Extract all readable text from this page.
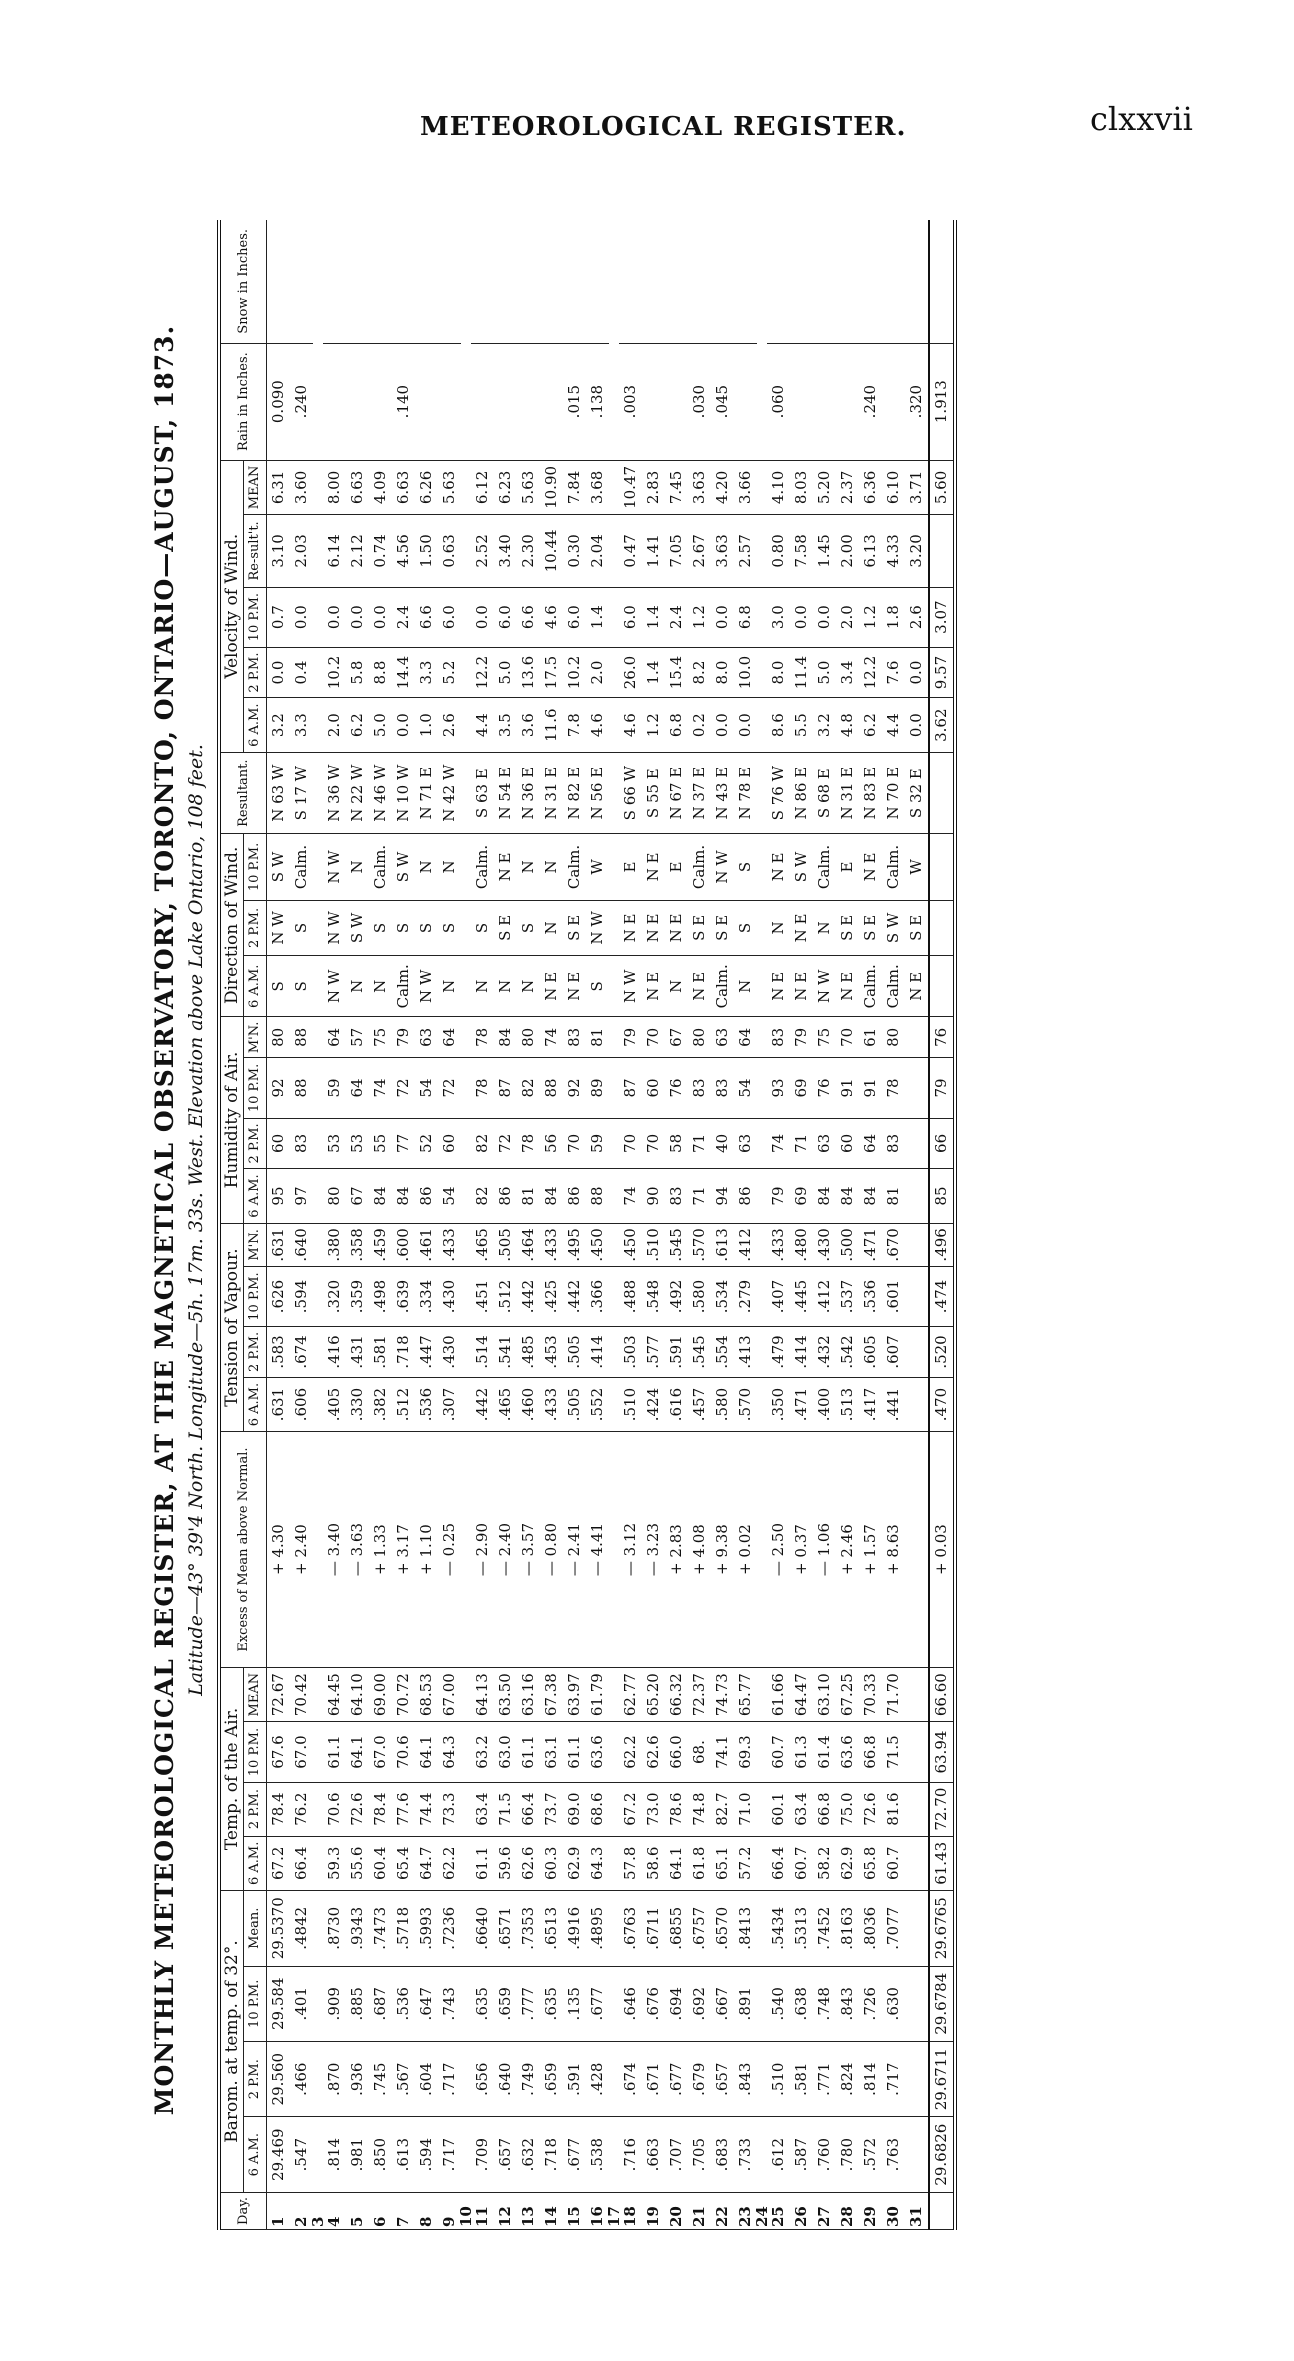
METEOROLOGICAL REGISTER.	clxxvii
MONTHLY METEOROLOGICAL REGISTER, AT THE MAGNETICAL OBSERVATORY, TORONTO, ONTARIO—AUGUST, 1873. Latitude—43° 39'4 North. Longitude—5h. 17m. 33s. West. Elevation above Lake Ontario, 108 feet.
Day.	Barom. at temp. of 32°.				Temp. of the Air.				Excess of Mean above Normal.	Tension of Vapour.				Humidity of Air.				Direction of Wind.			Resultant.	Velocity of Wind.					Rain in Inches.	Snow in Inches.
	6 A.M.	2 P.M.	10 P.M.	Mean.	6 A.M.	2 P.M.	10 P.M.	MEAN		6 A.M.	2 P.M.	10 P.M.	M'N.	6 A.M.	2 P.M.	10 P.M.	M'N.	6 A.M.	2 P.M.	10 P.M.		6 A.M.	2 P.M.	10 P.M.	Re-sult't.	MEAN		
1	29.469	29.560	29.584	29.5370	67.2	78.4	67.6	72.67	+ 4.30	.631	.583	.626	.631	95	60	92	80	S	N W	S W	N 63 W	3.2	0.0	0.7	3.10	6.31	0.090	
2	.547	.466	.401	.4842	66.4	76.2	67.0	70.42	+ 2.40	.606	.674	.594	.640	97	83	88	88	S	S	Calm.	S 17 W	3.3	0.4	0.0	2.03	3.60	.240	
3																												
4	.814	.870	.909	.8730	59.3	70.6	61.1	64.45	— 3.40	.405	.416	.320	.380	80	53	59	64	N W	N W	N W	N 36 W	2.0	10.2	0.0	6.14	8.00		
5	.981	.936	.885	.9343	55.6	72.6	64.1	64.10	— 3.63	.330	.431	.359	.358	67	53	64	57	N	S W	N	N 22 W	6.2	5.8	0.0	2.12	6.63		
6	.850	.745	.687	.7473	60.4	78.4	67.0	69.00	+ 1.33	.382	.581	.498	.459	84	55	74	75	N	S	Calm.	N 46 W	5.0	8.8	0.0	0.74	4.09		
7	.613	.567	.536	.5718	65.4	77.6	70.6	70.72	+ 3.17	.512	.718	.639	.600	84	77	72	79	Calm.	S	S W	N 10 W	0.0	14.4	2.4	4.56	6.63	.140	
8	.594	.604	.647	.5993	64.7	74.4	64.1	68.53	+ 1.10	.536	.447	.334	.461	86	52	54	63	N W	S	N	N 71 E	1.0	3.3	6.6	1.50	6.26		
9	.717	.717	.743	.7236	62.2	73.3	64.3	67.00	— 0.25	.307	.430	.430	.433	54	60	72	64	N	S	N	N 42 W	2.6	5.2	6.0	0.63	5.63		
10																												
11	.709	.656	.635	.6640	61.1	63.4	63.2	64.13	— 2.90	.442	.514	.451	.465	82	82	78	78	N	S	Calm.	S 63 E	4.4	12.2	0.0	2.52	6.12		
12	.657	.640	.659	.6571	59.6	71.5	63.0	63.50	— 2.40	.465	.541	.512	.505	86	72	87	84	N	S E	N E	N 54 E	3.5	5.0	6.0	3.40	6.23		
13	.632	.749	.777	.7353	62.6	66.4	61.1	63.16	— 3.57	.460	.485	.442	.464	81	78	82	80	N	S	N	N 36 E	3.6	13.6	6.6	2.30	5.63		
14	.718	.659	.635	.6513	60.3	73.7	63.1	67.38	— 0.80	.433	.453	.425	.433	84	56	88	74	N E	N	N	N 31 E	11.6	17.5	4.6	10.44	10.90		
15	.677	.591	.135	.4916	62.9	69.0	61.1	63.97	— 2.41	.505	.505	.442	.495	86	70	92	83	N E	S E	Calm.	N 82 E	7.8	10.2	6.0	0.30	7.84	.015	
16	.538	.428	.677	.4895	64.3	68.6	63.6	61.79	— 4.41	.552	.414	.366	.450	88	59	89	81	S	N W	W	N 56 E	4.6	2.0	1.4	2.04	3.68	.138	
17																												
18	.716	.674	.646	.6763	57.8	67.2	62.2	62.77	— 3.12	.510	.503	.488	.450	74	70	87	79	N W	N E	E	S 66 W	4.6	26.0	6.0	0.47	10.47	.003	
19	.663	.671	.676	.6711	58.6	73.0	62.6	65.20	— 3.23	.424	.577	.548	.510	90	70	60	70	N E	N E	N E	S 55 E	1.2	1.4	1.4	1.41	2.83		
20	.707	.677	.694	.6855	64.1	78.6	66.0	66.32	+ 2.83	.616	.591	.492	.545	83	58	76	67	N	N E	E	N 67 E	6.8	15.4	2.4	7.05	7.45		
21	.705	.679	.692	.6757	61.8	74.8	68.	72.37	+ 4.08	.457	.545	.580	.570	71	71	83	80	N E	S E	Calm.	N 37 E	0.2	8.2	1.2	2.67	3.63	.030	
22	.683	.657	.667	.6570	65.1	82.7	74.1	74.73	+ 9.38	.580	.554	.534	.613	94	40	83	63	Calm.	S E	N W	N 43 E	0.0	8.0	0.0	3.63	4.20	.045	
23	.733	.843	.891	.8413	57.2	71.0	69.3	65.77	+ 0.02	.570	.413	.279	.412	86	63	54	64	N	S	S	N 78 E	0.0	10.0	6.8	2.57	3.66		
24																												
25	.612	.510	.540	.5434	66.4	60.1	60.7	61.66	— 2.50	.350	.479	.407	.433	79	74	93	83	N E	N	N E	S 76 W	8.6	8.0	3.0	0.80	4.10	.060	
26	.587	.581	.638	.5313	60.7	63.4	61.3	64.47	+ 0.37	.471	.414	.445	.480	69	71	69	79	N E	N E	S W	N 86 E	5.5	11.4	0.0	7.58	8.03		
27	.760	.771	.748	.7452	58.2	66.8	61.4	63.10	— 1.06	.400	.432	.412	.430	84	63	76	75	N W	N	Calm.	S 68 E	3.2	5.0	0.0	1.45	5.20		
28	.780	.824	.843	.8163	62.9	75.0	63.6	67.25	+ 2.46	.513	.542	.537	.500	84	60	91	70	N E	S E	E	N 31 E	4.8	3.4	2.0	2.00	2.37		
29	.572	.814	.726	.8036	65.8	72.6	66.8	70.33	+ 1.57	.417	.605	.536	.471	84	64	91	61	Calm.	S E	N E	N 83 E	6.2	12.2	1.2	6.13	6.36	.240	
30	.763	.717	.630	.7077	60.7	81.6	71.5	71.70	+ 8.63	.441	.607	.601	.670	81	83	78	80	Calm.	S W	Calm.	N 70 E	4.4	7.6	1.8	4.33	6.10		
31																		N E	S E	W	S 32 E	0.0	0.0	2.6	3.20	3.71	.320	
	29.6826	29.6711	29.6784	29.6765	61.43	72.70	63.94	66.60	+ 0.03	.470	.520	.474	.496	85	66	79	76					3.62	9.57	3.07		5.60	1.913	
